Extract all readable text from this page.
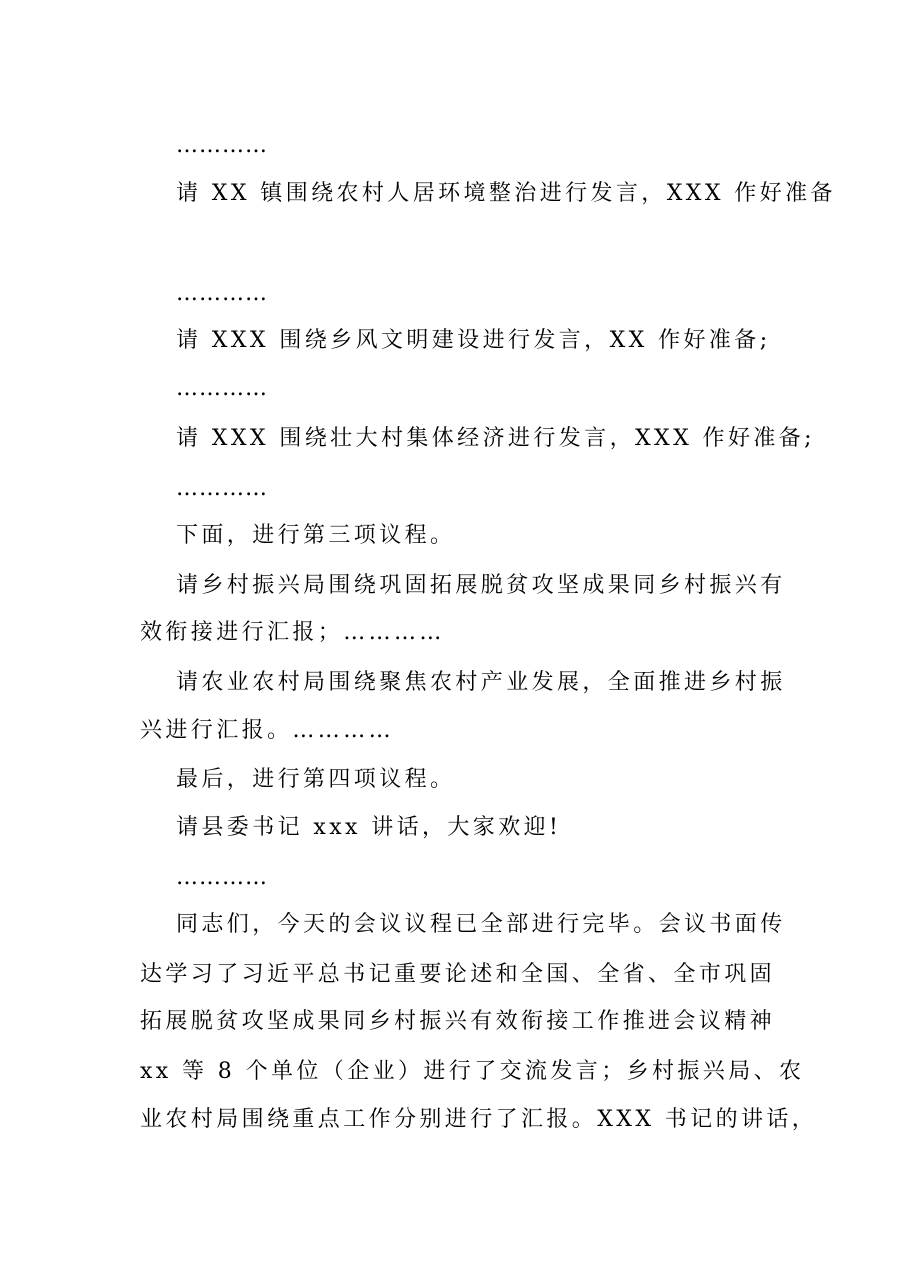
…………
请 XX 镇围绕农村人居环境整治进行发言，XXX 作好准备
…………
请 XXX 围绕乡风文明建设进行发言，XX 作好准备;
…………
请 XXX 围绕壮大村集体经济进行发言，XXX 作好准备;
…………
下面，进行第三项议程。
请乡村振兴局围绕巩固拓展脱贫攻坚成果同乡村振兴有
效衔接进行汇报；…………
请农业农村局围绕聚焦农村产业发展，全面推进乡村振
兴进行汇报。…………
最后，进行第四项议程。
请县委书记 xxx 讲话，大家欢迎!
…………
同志们，今天的会议议程已全部进行完毕。会议书面传
达学习了习近平总书记重要论述和全国、全省、全市巩固
拓展脱贫攻坚成果同乡村振兴有效衔接工作推进会议精神
xx 等 8 个单位（企业）进行了交流发言；乡村振兴局、农
业农村局围绕重点工作分别进行了汇报。XXX 书记的讲话，
